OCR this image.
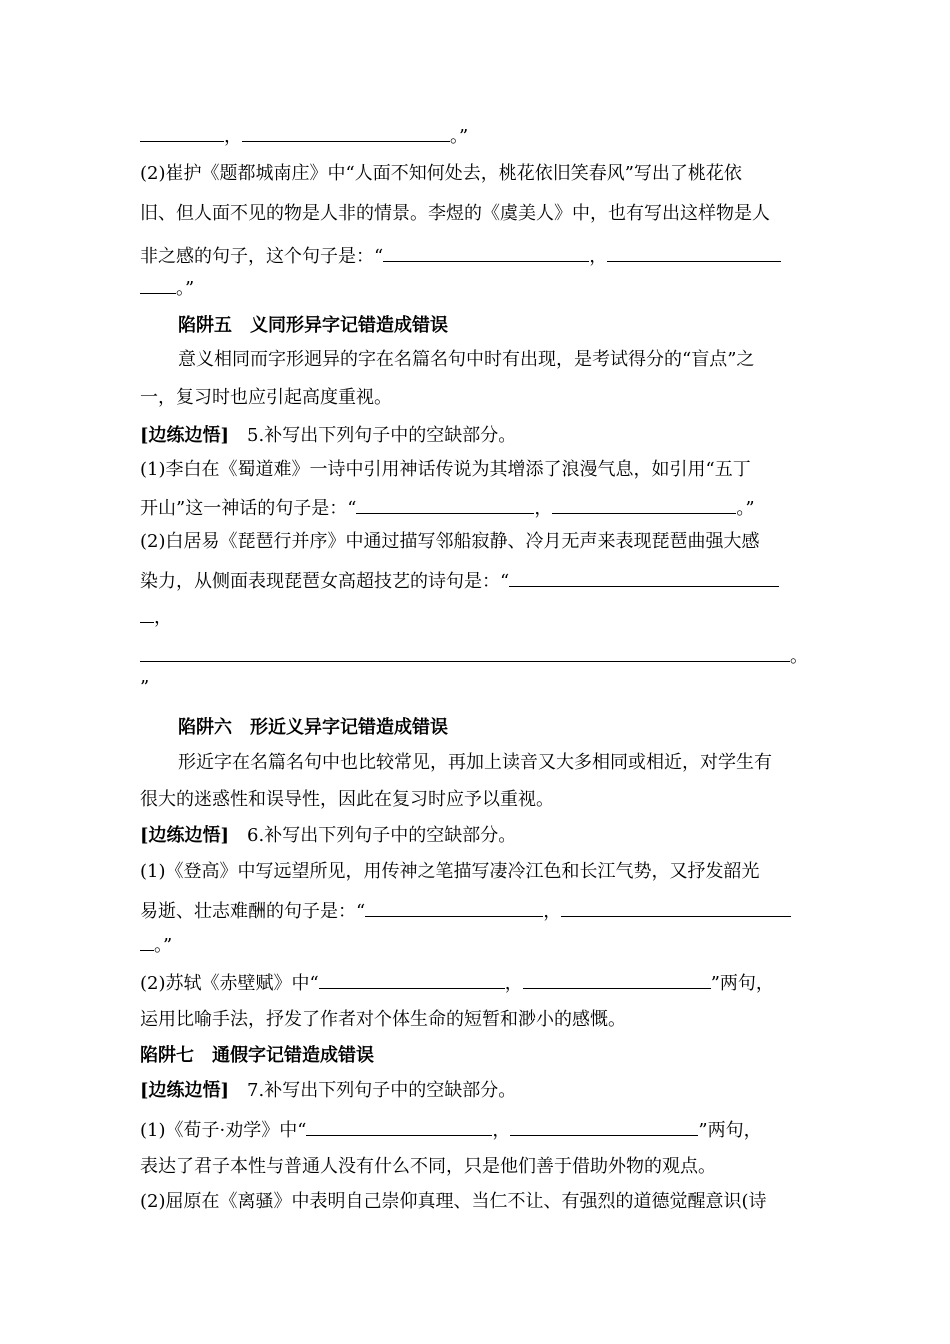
，	。”
(2)崔护《题都城南庄》中“人面不知何处去，桃花依旧笑春风”写出了桃花依
旧、但人面不见的物是人非的情景。李煜的《虞美人》中，也有写出这样物是人
非之感的句子，这个句子是：“	，
。”
陷阱五　义同形异字记错造成错误
意义相同而字形迥异的字在名篇名句中时有出现，是考试得分的“盲点”之
一，复习时也应引起高度重视。
[边练边悟]　5.补写出下列句子中的空缺部分。
(1)李白在《蜀道难》一诗中引用神话传说为其增添了浪漫气息，如引用“五丁
开山”这一神话的句子是：“	，	。”
(2)白居易《琵琶行并序》中通过描写邻船寂静、冷月无声来表现琵琶曲强大感
染力，从侧面表现琵琶女高超技艺的诗句是：“
，
。
”
陷阱六　形近义异字记错造成错误
形近字在名篇名句中也比较常见，再加上读音又大多相同或相近，对学生有
很大的迷惑性和误导性，因此在复习时应予以重视。
[边练边悟]　6.补写出下列句子中的空缺部分。
(1)《登高》中写远望所见，用传神之笔描写凄冷江色和长江气势，又抒发韶光
易逝、壮志难酬的句子是：“	，
。”
(2)苏轼《赤壁赋》中“	，	”两句，
运用比喻手法，抒发了作者对个体生命的短暂和渺小的感慨。
陷阱七　通假字记错造成错误
[边练边悟]　7.补写出下列句子中的空缺部分。
(1)《荀子·劝学》中“	，	”两句，
表达了君子本性与普通人没有什么不同，只是他们善于借助外物的观点。
(2)屈原在《离骚》中表明自己崇仰真理、当仁不让、有强烈的道德觉醒意识(诗
